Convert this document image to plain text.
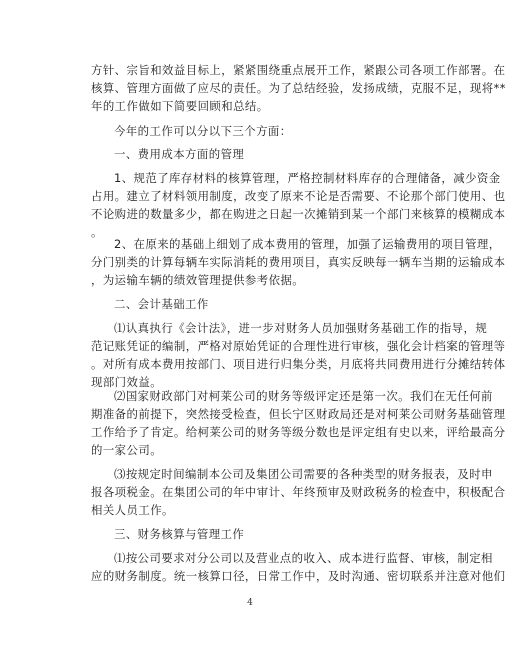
方针、宗旨和效益目标上，紧紧围绕重点展开工作，紧跟公司各项工作部署。在
核算、管理方面做了应尽的责任。为了总结经验，发扬成绩，克服不足，现将**
年的工作做如下简要回顾和总结。
今年的工作可以分以下三个方面：
一、费用成本方面的管理
1、规范了库存材料的核算管理，严格控制材料库存的合理储备，减少资金
占用。建立了材料领用制度，改变了原来不论是否需要、不论那个部门使用、也
不论购进的数量多少，都在购进之日起一次摊销到某一个部门来核算的模糊成本
。
2、在原来的基础上细划了成本费用的管理，加强了运输费用的项目管理，
分门别类的计算每辆车实际消耗的费用项目，真实反映每一辆车当期的运输成本
，为运输车辆的绩效管理提供参考依据。
二、会计基础工作
⑴认真执行《会计法》，进一步对财务人员加强财务基础工作的指导，规
范记账凭证的编制，严格对原始凭证的合理性进行审核，强化会计档案的管理等
。对所有成本费用按部门、项目进行归集分类，月底将共同费用进行分摊结转体
现部门效益。
⑵国家财政部门对柯莱公司的财务等级评定还是第一次。我们在无任何前
期准备的前提下，突然接受检查，但长宁区财政局还是对柯莱公司财务基础管理
工作给予了肯定。给柯莱公司的财务等级分数也是评定组有史以来，评给最高分
的一家公司。
⑶按规定时间编制本公司及集团公司需要的各种类型的财务报表，及时申
报各项税金。在集团公司的年中审计、年终预审及财政税务的检查中，积极配合
相关人员工作。
三、财务核算与管理工作
⑴按公司要求对分公司以及营业点的收入、成本进行监督、审核，制定相
应的财务制度。统一核算口径，日常工作中，及时沟通、密切联系并注意对他们
4
